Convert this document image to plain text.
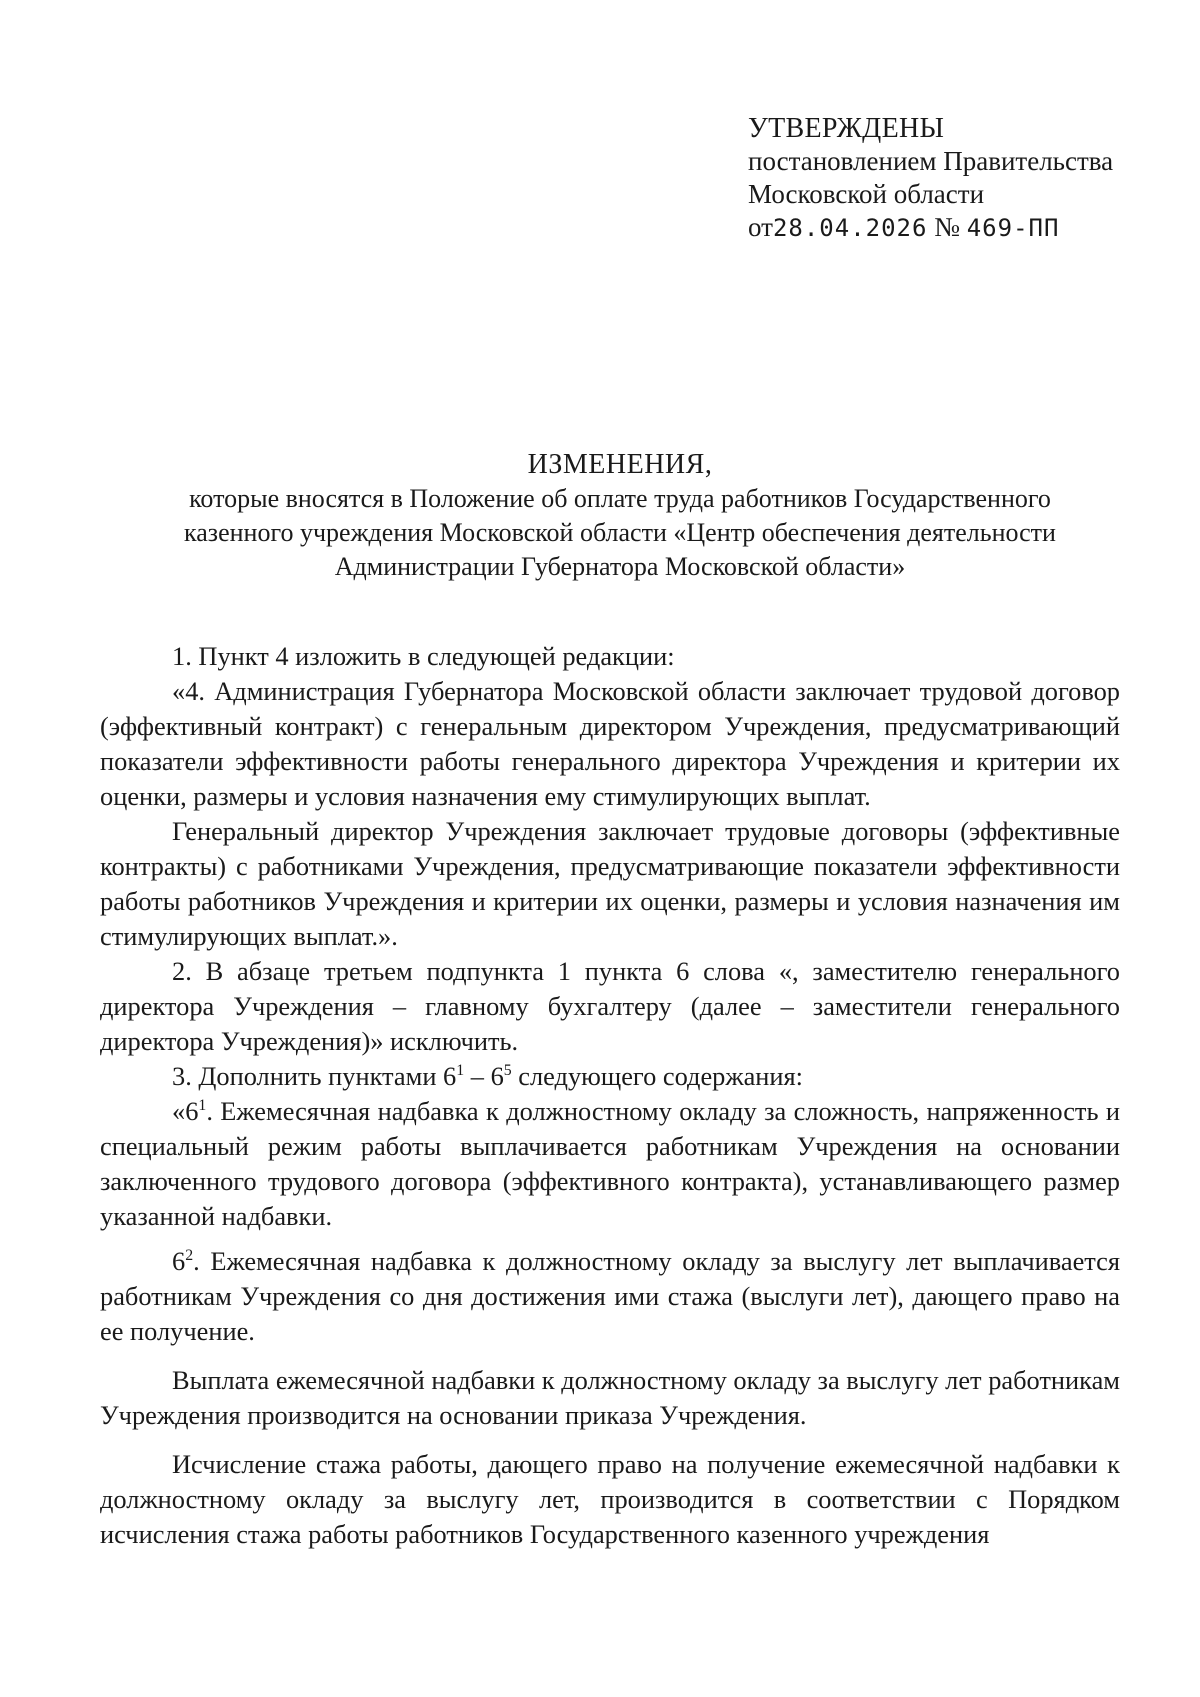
УТВЕРЖДЕНЫ
постановлением Правительства
Московской области
от28.04.2026 № 469-ПП
ИЗМЕНЕНИЯ,
которые вносятся в Положение об оплате труда работников Государственного
казенного учреждения Московской области «Центр обеспечения деятельности
Администрации Губернатора Московской области»

1. Пункт 4 изложить в следующей редакции:

«4. Администрация Губернатора Московской области заключает трудовой договор (эффективный контракт) с генеральным директором Учреждения, предусматривающий показатели эффективности работы генерального директора Учреждения и критерии их оценки, размеры и условия назначения ему стимулирующих выплат.

Генеральный директор Учреждения заключает трудовые договоры (эффективные контракты) с работниками Учреждения, предусматривающие показатели эффективности работы работников Учреждения и критерии их оценки, размеры и условия назначения им стимулирующих выплат.».

2. В абзаце третьем подпункта 1 пункта 6 слова «, заместителю генерального директора Учреждения – главному бухгалтеру (далее – заместители генерального директора Учреждения)» исключить.

3. Дополнить пунктами $6^1 - 6^5$ следующего содержания:

«$6^1$. Ежемесячная надбавка к должностному окладу за сложность, напряженность и специальный режим работы выплачивается работникам Учреждения на основании заключенного трудового договора (эффективного контракта), устанавливающего размер указанной надбавки.

$6^2$. Ежемесячная надбавка к должностному окладу за выслугу лет выплачивается работникам Учреждения со дня достижения ими стажа (выслуги лет), дающего право на ее получение.

Выплата ежемесячной надбавки к должностному окладу за выслугу лет работникам Учреждения производится на основании приказа Учреждения.

Исчисление стажа работы, дающего право на получение ежемесячной надбавки к должностному окладу за выслугу лет, производится в соответствии с Порядком исчисления стажа работы работников Государственного казенного учреждения
